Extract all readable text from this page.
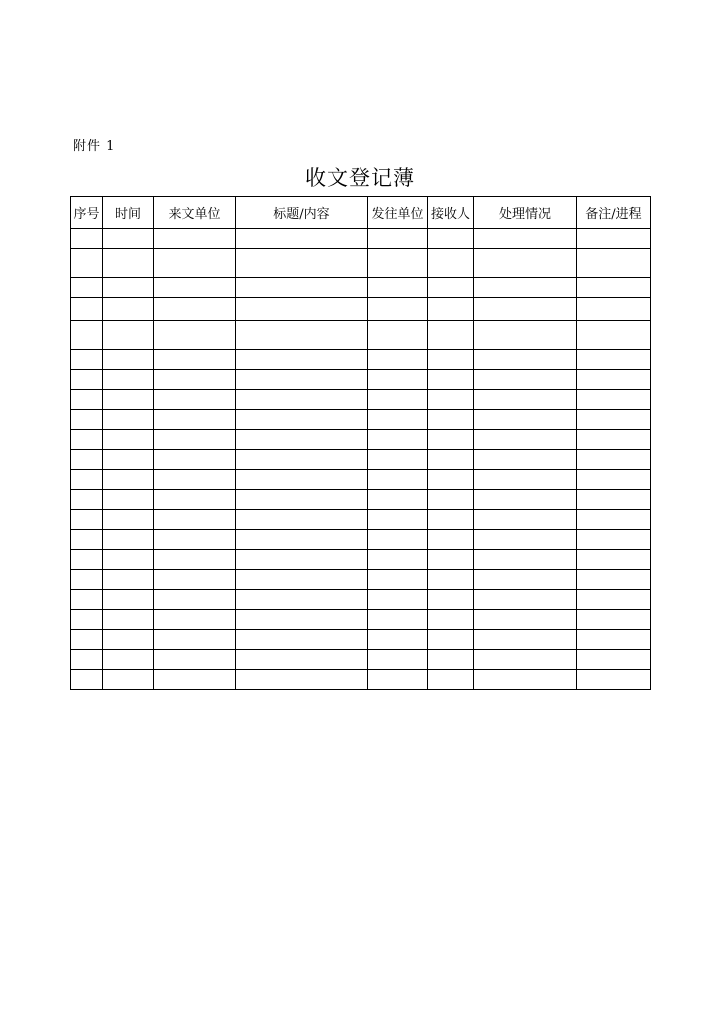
附件 1
收文登记薄
序号	时间	来文单位	标题/内容	发往单位	接收人	处理情况	备注/进程
